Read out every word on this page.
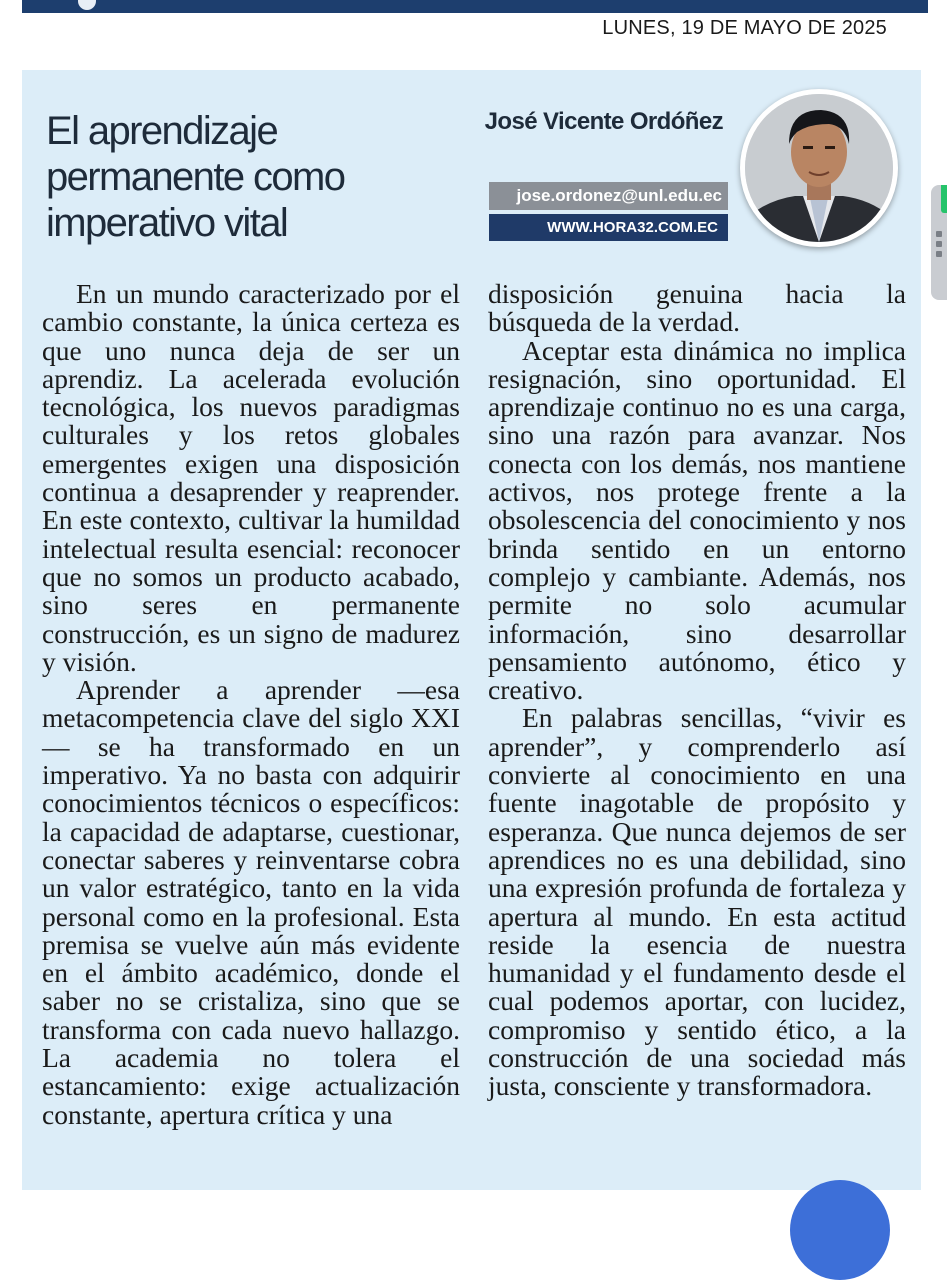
LUNES, 19 DE MAYO DE 2025
El aprendizaje permanente como imperativo vital
José Vicente Ordóñez
jose.ordonez@unl.edu.ec
WWW.HORA32.COM.EC

En un mundo caracterizado por el cambio constante, la única certeza es que uno nunca deja de ser un aprendiz. La acelerada evolución tecnológica, los nuevos paradigmas culturales y los retos globales emergentes exigen una disposición continua a desaprender y reaprender. En este contexto, cultivar la humildad intelectual resulta esencial: reconocer que no somos un producto acabado, sino seres en permanente construcción, es un signo de madurez y visión.

Aprender a aprender —esa metacompetencia clave del siglo XXI— se ha transformado en un imperativo. Ya no basta con adquirir conocimientos técnicos o específicos: la capacidad de adaptarse, cuestionar, conectar saberes y reinventarse cobra un valor estratégico, tanto en la vida personal como en la profesional. Esta premisa se vuelve aún más evidente en el ámbito académico, donde el saber no se cristaliza, sino que se transforma con cada nuevo hallazgo. La academia no tolera el estancamiento: exige actualización constante, apertura crítica y una

disposición genuina hacia la búsqueda de la verdad.

Aceptar esta dinámica no implica resignación, sino oportunidad. El aprendizaje continuo no es una carga, sino una razón para avanzar. Nos conecta con los demás, nos mantiene activos, nos protege frente a la obsolescencia del conocimiento y nos brinda sentido en un entorno complejo y cambiante. Además, nos permite no solo acumular información, sino desarrollar pensamiento autónomo, ético y creativo.

En palabras sencillas, “vivir es aprender”, y comprenderlo así convierte al conocimiento en una fuente inagotable de propósito y esperanza. Que nunca dejemos de ser aprendices no es una debilidad, sino una expresión profunda de fortaleza y apertura al mundo. En esta actitud reside la esencia de nuestra humanidad y el fundamento desde el cual podemos aportar, con lucidez, compromiso y sentido ético, a la construcción de una sociedad más justa, consciente y transformadora.
